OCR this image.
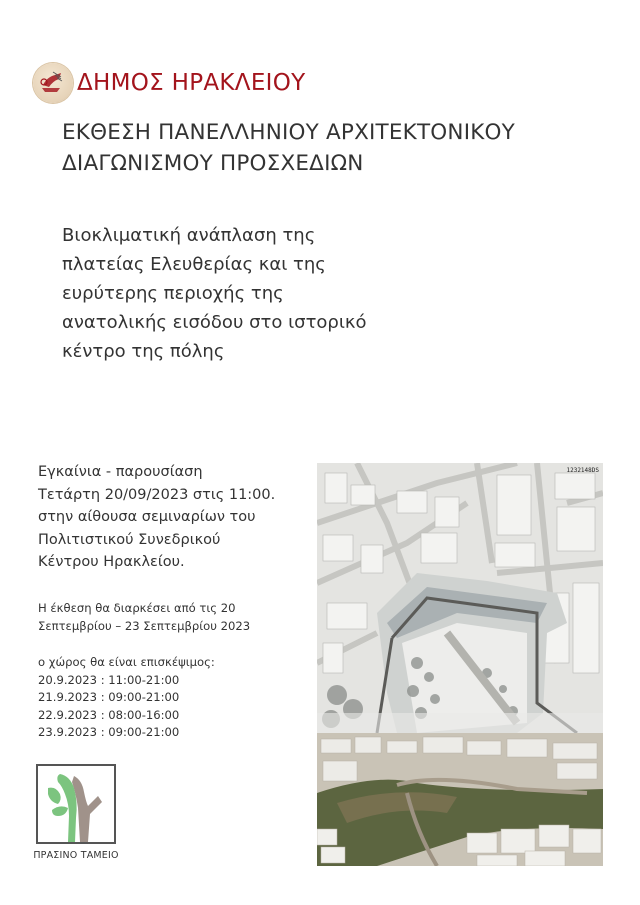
ΔΗΜΟΣ ΗΡΑΚΛΕΙΟΥ
ΕΚΘΕΣΗ ΠΑΝΕΛΛΗΝΙΟΥ ΑΡΧΙΤΕΚΤΟΝΙΚΟΥ
ΔΙΑΓΩΝΙΣΜΟΥ ΠΡΟΣΧΕΔΙΩΝ
Βιοκλιματική ανάπλαση της
πλατείας Ελευθερίας και της
ευρύτερης περιοχής της
ανατολικής εισόδου στο ιστορικό
κέντρο της πόλης
Εγκαίνια - παρουσίαση
Τετάρτη 20/09/2023 στις 11:00.
στην αίθουσα σεμιναρίων του
Πολιτιστικού Συνεδρικού
Κέντρου Ηρακλείου.
Η έκθεση θα διαρκέσει από τις 20
Σεπτεμβρίου – 23 Σεπτεμβρίου 2023
ο χώρος θα είναι επισκέψιμος:
20.9.2023 : 11:00-21:00
21.9.2023 : 09:00-21:00
22.9.2023 : 08:00-16:00
23.9.2023 : 09:00-21:00
ΠΡΑΣΙΝΟ ΤΑΜΕΙΟ
1232148DS
